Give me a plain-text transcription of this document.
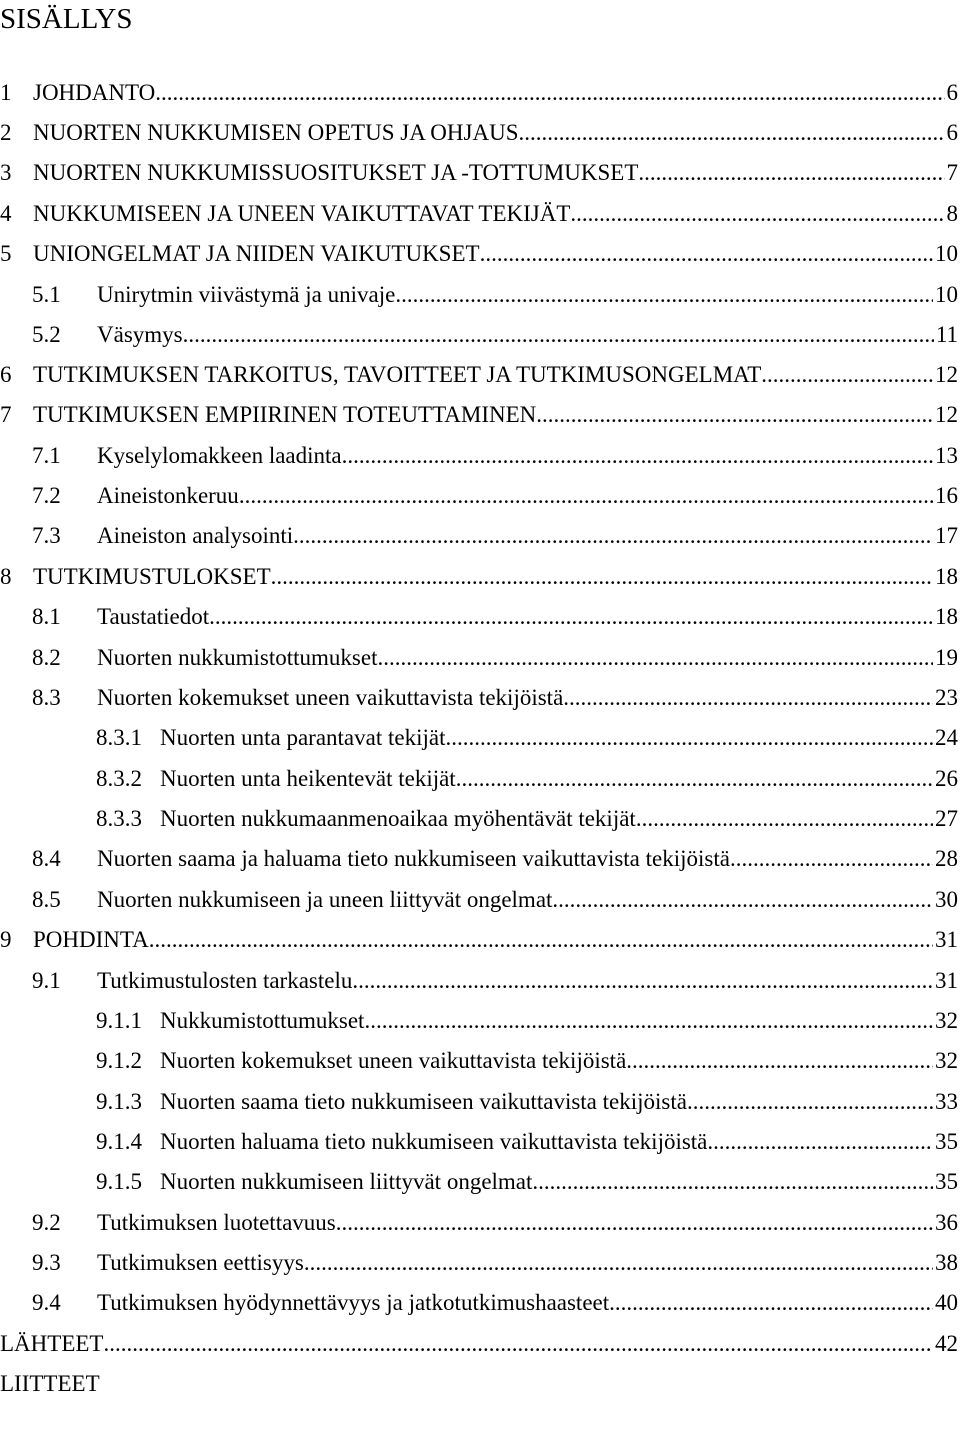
SISÄLLYS
1 JOHDANTO .....	6
2 NUORTEN NUKKUMISEN OPETUS JA OHJAUS .....	6
3 NUORTEN NUKKUMISSUOSITUKSET JA -TOTTUMUKSET .....	7
4 NUKKUMISEEN JA UNEEN VAIKUTTAVAT TEKIJÄT .....	8
5 UNIONGELMAT JA NIIDEN VAIKUTUKSET .....	10
5.1	Unirytmin viivästymä ja univaje .....	10
5.2	Väsymys .....	11
6 TUTKIMUKSEN TARKOITUS, TAVOITTEET JA TUTKIMUSONGELMAT .....	12
7 TUTKIMUKSEN EMPIIRINEN TOTEUTTAMINEN .....	12
7.1	Kyselylomakkeen laadinta .....	13
7.2	Aineistonkeruu .....	16
7.3	Aineiston analysointi .....	17
8 TUTKIMUSTULOKSET .....	18
8.1	Taustatiedot .....	18
8.2	Nuorten nukkumistottumukset .....	19
8.3	Nuorten kokemukset uneen vaikuttavista tekijöistä .....	23
8.3.1 Nuorten unta parantavat tekijät .....	24
8.3.2 Nuorten unta heikentevät tekijät .....	26
8.3.3 Nuorten nukkumaanmenoaikaa myöhentävät tekijät .....	27
8.4	Nuorten saama ja haluama tieto nukkumiseen vaikuttavista tekijöistä .....	28
8.5	Nuorten nukkumiseen ja uneen liittyvät ongelmat .....	30
9 POHDINTA .....	31
9.1	Tutkimustulosten tarkastelu .....	31
9.1.1 Nukkumistottumukset .....	32
9.1.2 Nuorten kokemukset uneen vaikuttavista tekijöistä .....	32
9.1.3 Nuorten saama tieto nukkumiseen vaikuttavista tekijöistä .....	33
9.1.4 Nuorten haluama tieto nukkumiseen vaikuttavista tekijöistä .....	35
9.1.5 Nuorten nukkumiseen liittyvät ongelmat .....	35
9.2	Tutkimuksen luotettavuus .....	36
9.3	Tutkimuksen eettisyys .....	38
9.4	Tutkimuksen hyödynnettävyys ja jatkotutkimushaasteet .....	40
LÄHTEET .....	42
LIITTEET
